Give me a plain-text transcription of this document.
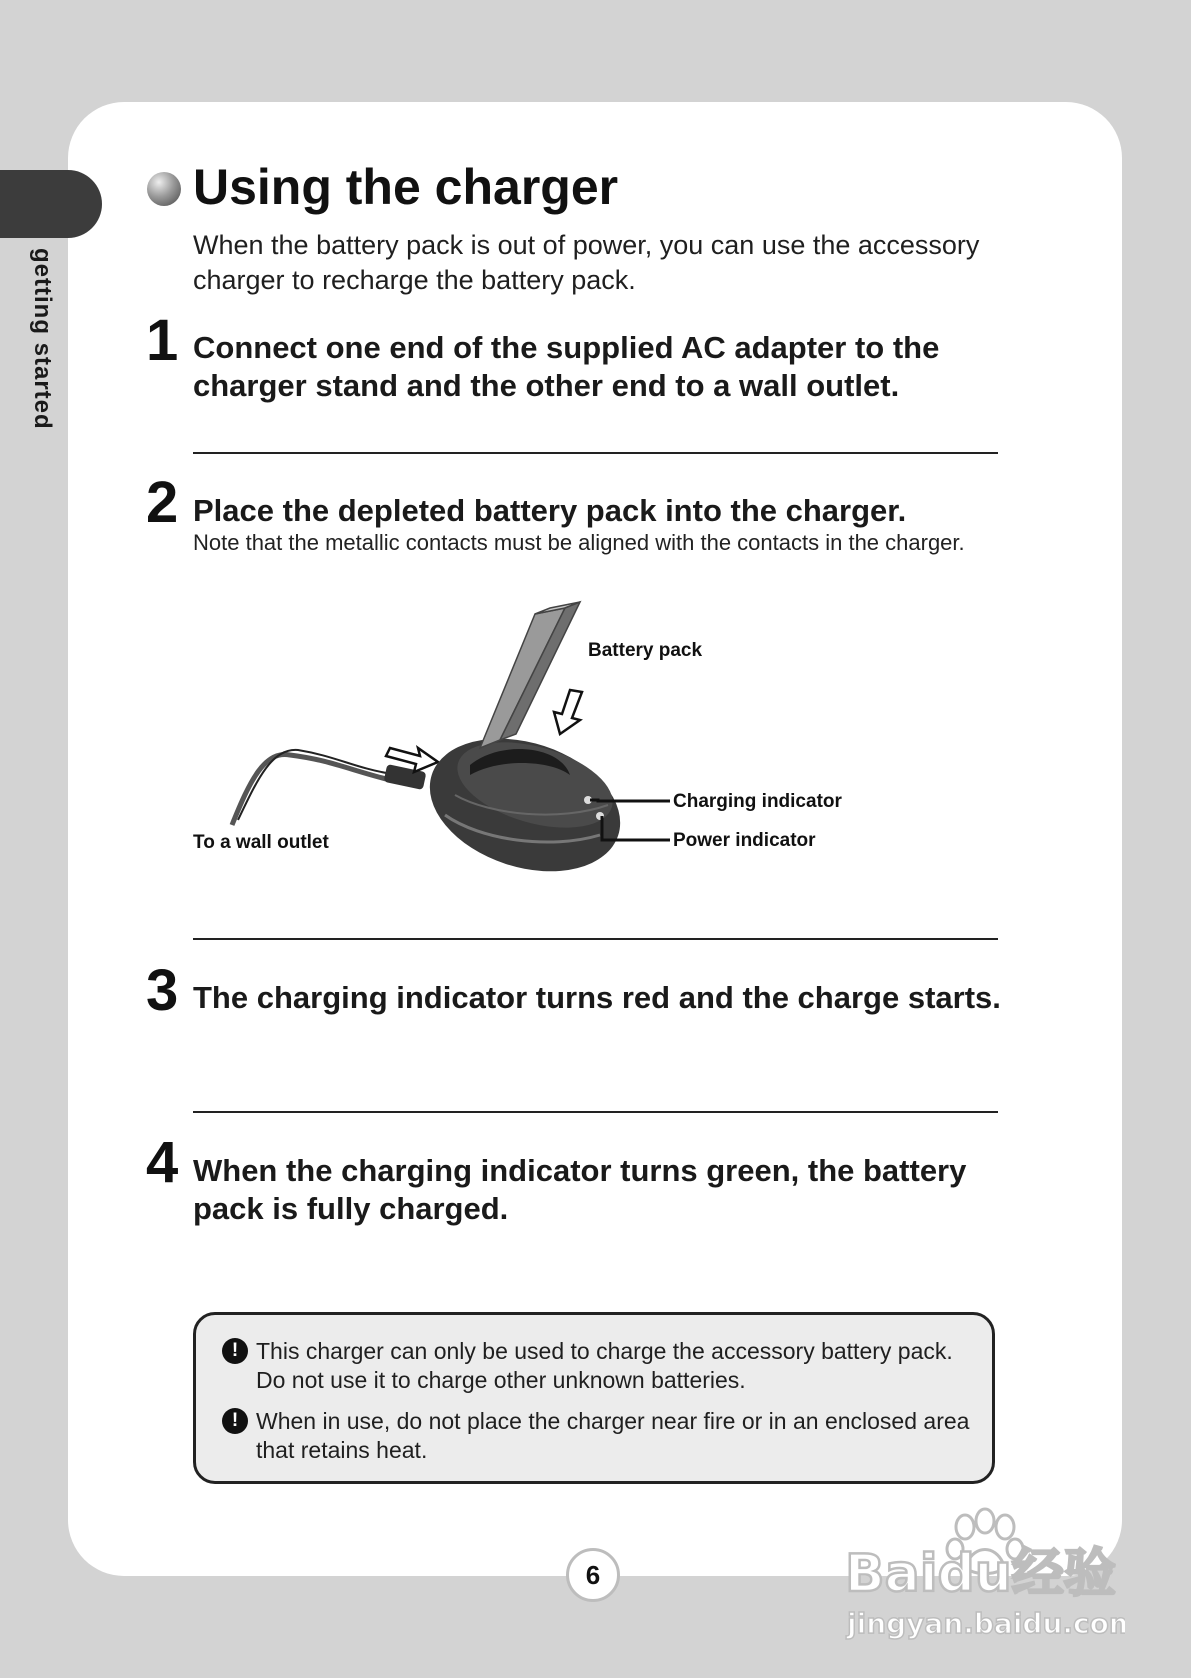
getting started
Using the charger
When the battery pack is out of power, you can use the accessory charger to recharge the battery pack.
1 Connect one end of the supplied AC adapter to the charger stand and the other end to a wall outlet.
2 Place the depleted battery pack into the charger.
Note that the metallic contacts must be aligned with the contacts in the charger.
Battery pack
Charging indicator
Power indicator
To a wall outlet
3 The charging indicator turns red and the charge starts.
4 When the charging indicator turns green, the battery pack is fully charged.
! This charger can only be used to charge the accessory battery pack. Do not use it to charge other unknown batteries.
! When in use, do not place the charger near fire or in an enclosed area that retains heat.
6	Baidu经验
jingyan.baidu.com
